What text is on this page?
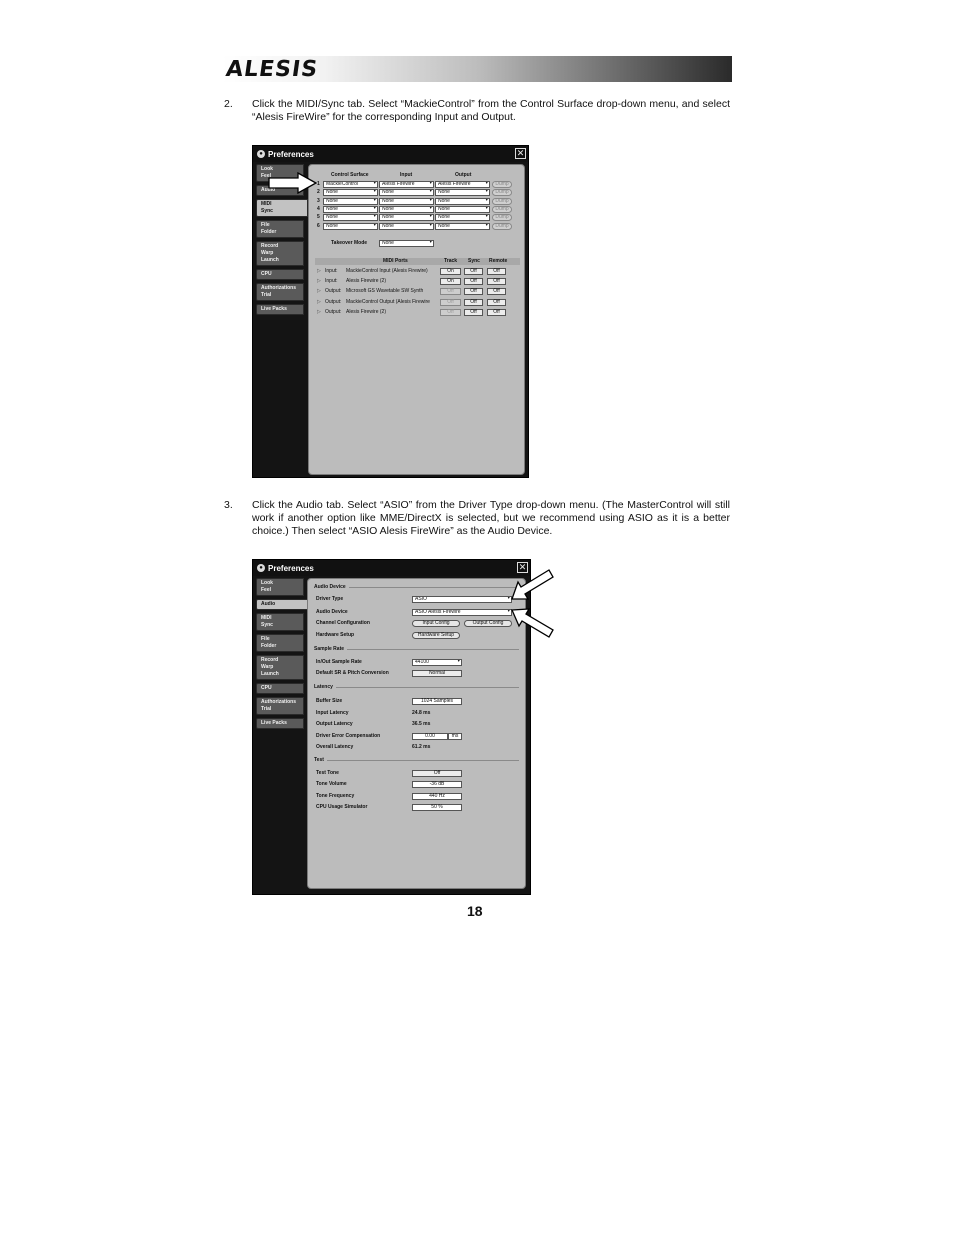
ALESIS
2. Click the MIDI/Sync tab. Select “MackieControl” from the Control Surface drop-down menu, and select “Alesis FireWire” for the corresponding Input and Output.
● Preferences	✕
Look
Feel
Audio
MIDI
Sync
File
Folder
Record
Warp
Launch
CPU
Authorizations
Trial
Live Packs
Control Surface	Input	Output
1	MackieControl ▾	Alesis Firewire ▾	Alesis Firewire ▾	Dump
2	None ▾	None ▾	None ▾	Dump
3	None ▾	None ▾	None ▾	Dump
4	None ▾	None ▾	None ▾	Dump
5	None ▾	None ▾	None ▾	Dump
6	None ▾	None ▾	None ▾	Dump
Takeover Mode	None ▾
MIDI Ports	Track Sync Remote
▷ Input: MackieControl Input (Alesis Firewire)	On	Off	Off
▷ Input: Alesis Firewire (2)	On	Off	Off
▷ Output: Microsoft GS Wavetable SW Synth	Off	Off	Off
▷ Output: MackieControl Output (Alesis Firewire	Off	Off	Off
▷ Output: Alesis Firewire (2)	Off	Off	Off
3. Click the Audio tab. Select “ASIO” from the Driver Type drop-down menu. (The MasterControl will still work if another option like MME/DirectX is selected, but we recommend using ASIO as it is a better choice.) Then select “ASIO Alesis FireWire” as the Audio Device.
● Preferences	✕
Look
Feel
Audio
MIDI
Sync
File
Folder
Record
Warp
Launch
CPU
Authorizations
Trial
Live Packs
Audio Device
Driver Type	ASIO ▾
Audio Device	ASIO Alesis Firewire ▾
Channel Configuration	Input Config	Output Config
Hardware Setup	Hardware Setup
Sample Rate
In/Out Sample Rate	44100 ▾
Default SR & Pitch Conversion	Normal
Latency
Buffer Size	1024 Samples
Input Latency	24.8 ms
Output Latency	36.5 ms
Driver Error Compensation	0.00	ms
Overall Latency	61.2 ms
Test
Test Tone	Off
Tone Volume	-36 dB
Tone Frequency	440 Hz
CPU Usage Simulator	50 %
18
